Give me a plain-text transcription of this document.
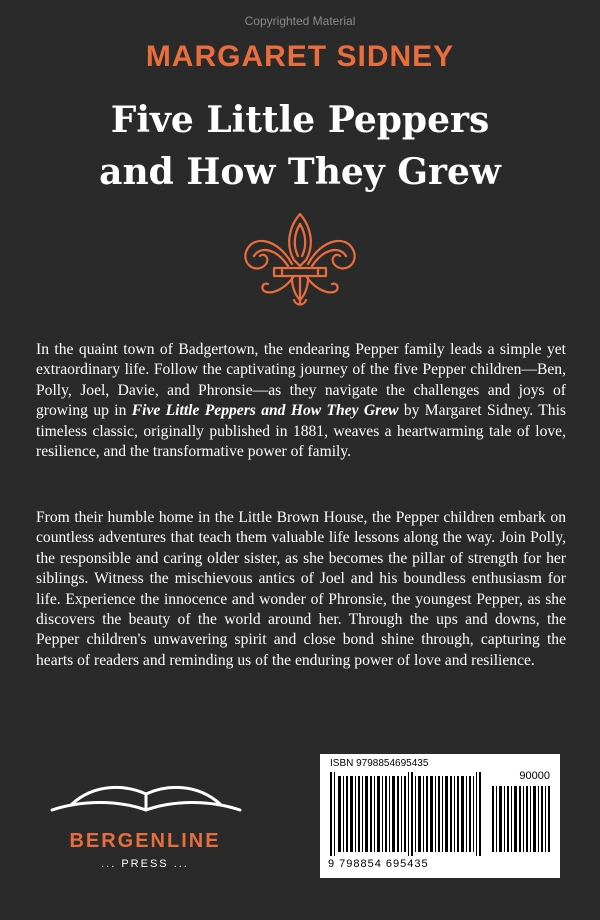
Copyrighted Material
MARGARET SIDNEY
Five Little Peppers
and How They Grew

In the quaint town of Badgertown, the endearing Pepper family leads a simple yet extraordinary life. Follow the captivating journey of the five Pepper children—Ben, Polly, Joel, Davie, and Phronsie—as they navigate the challenges and joys of growing up in Five Little Peppers and How They Grew by Margaret Sidney. This timeless classic, originally published in 1881, weaves a heartwarming tale of love, resilience, and the transformative power of family.

From their humble home in the Little Brown House, the Pepper children embark on countless adventures that teach them valuable life lessons along the way. Join Polly, the responsible and caring older sister, as she becomes the pillar of strength for her siblings. Witness the mischievous antics of Joel and his boundless enthusiasm for life. Experience the innocence and wonder of Phronsie, the youngest Pepper, as she discovers the beauty of the world around her. Through the ups and downs, the Pepper children's unwavering spirit and close bond shine through, capturing the hearts of readers and reminding us of the enduring power of love and resilience.

BERGENLINE
... PRESS ...
ISBN 9798854695435
90000
9 798854 695435
